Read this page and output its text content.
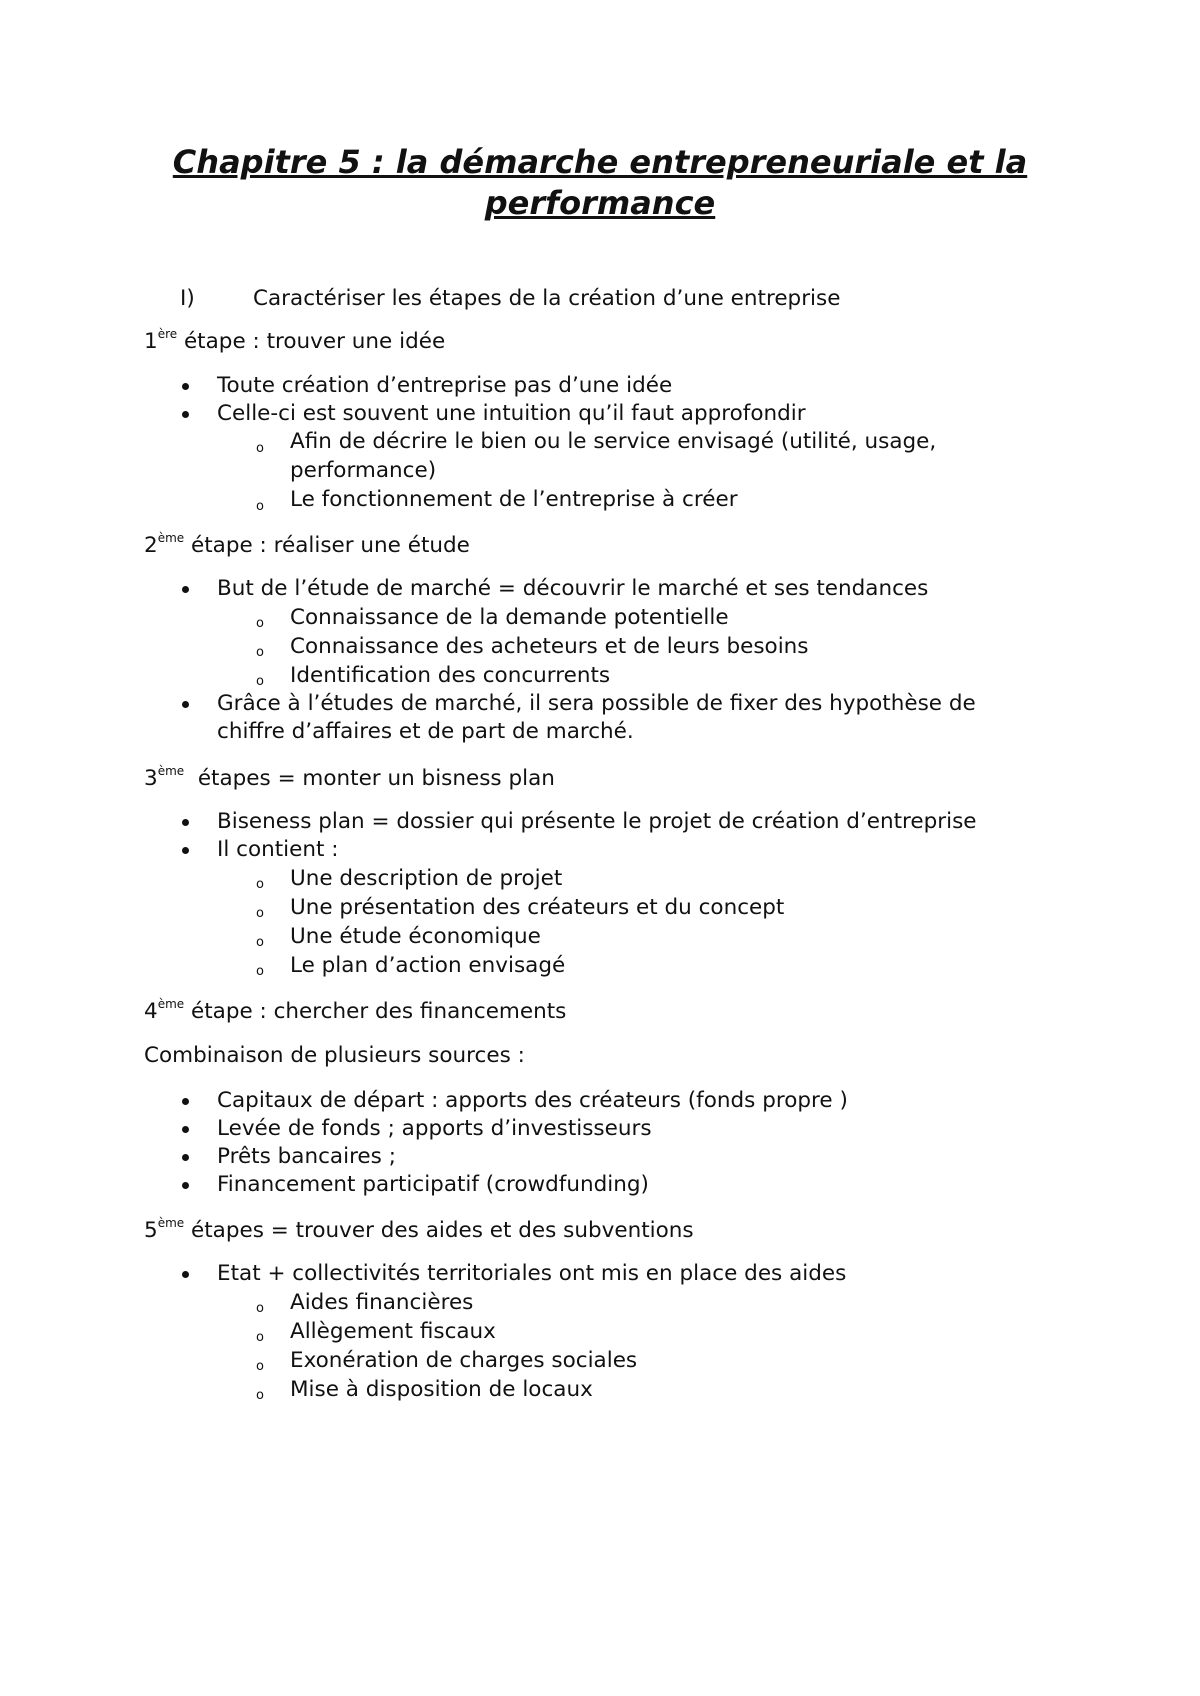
Chapitre 5 : la démarche entrepreneuriale et la
performance
I)	Caractériser les étapes de la création d’une entreprise
1ère étape : trouver une idée
Toute création d’entreprise pas d’une idée
Celle-ci est souvent une intuition qu’il faut approfondir
o Afin de décrire le bien ou le service envisagé (utilité, usage,
performance)
o Le fonctionnement de l’entreprise à créer
2ème étape : réaliser une étude
But de l’étude de marché = découvrir le marché et ses tendances
o Connaissance de la demande potentielle
o Connaissance des acheteurs et de leurs besoins
o Identification des concurrents
Grâce à l’études de marché, il sera possible de fixer des hypothèse de
chiffre d’affaires et de part de marché.
3ème  étapes = monter un bisness plan
Biseness plan = dossier qui présente le projet de création d’entreprise
Il contient :
o Une description de projet
o Une présentation des créateurs et du concept
o Une étude économique
o Le plan d’action envisagé
4ème étape : chercher des financements
Combinaison de plusieurs sources :
Capitaux de départ : apports des créateurs (fonds propre )
Levée de fonds ; apports d’investisseurs
Prêts bancaires ;
Financement participatif (crowdfunding)
5ème étapes = trouver des aides et des subventions
Etat + collectivités territoriales ont mis en place des aides
o Aides financières
o Allègement fiscaux
o Exonération de charges sociales
o Mise à disposition de locaux
